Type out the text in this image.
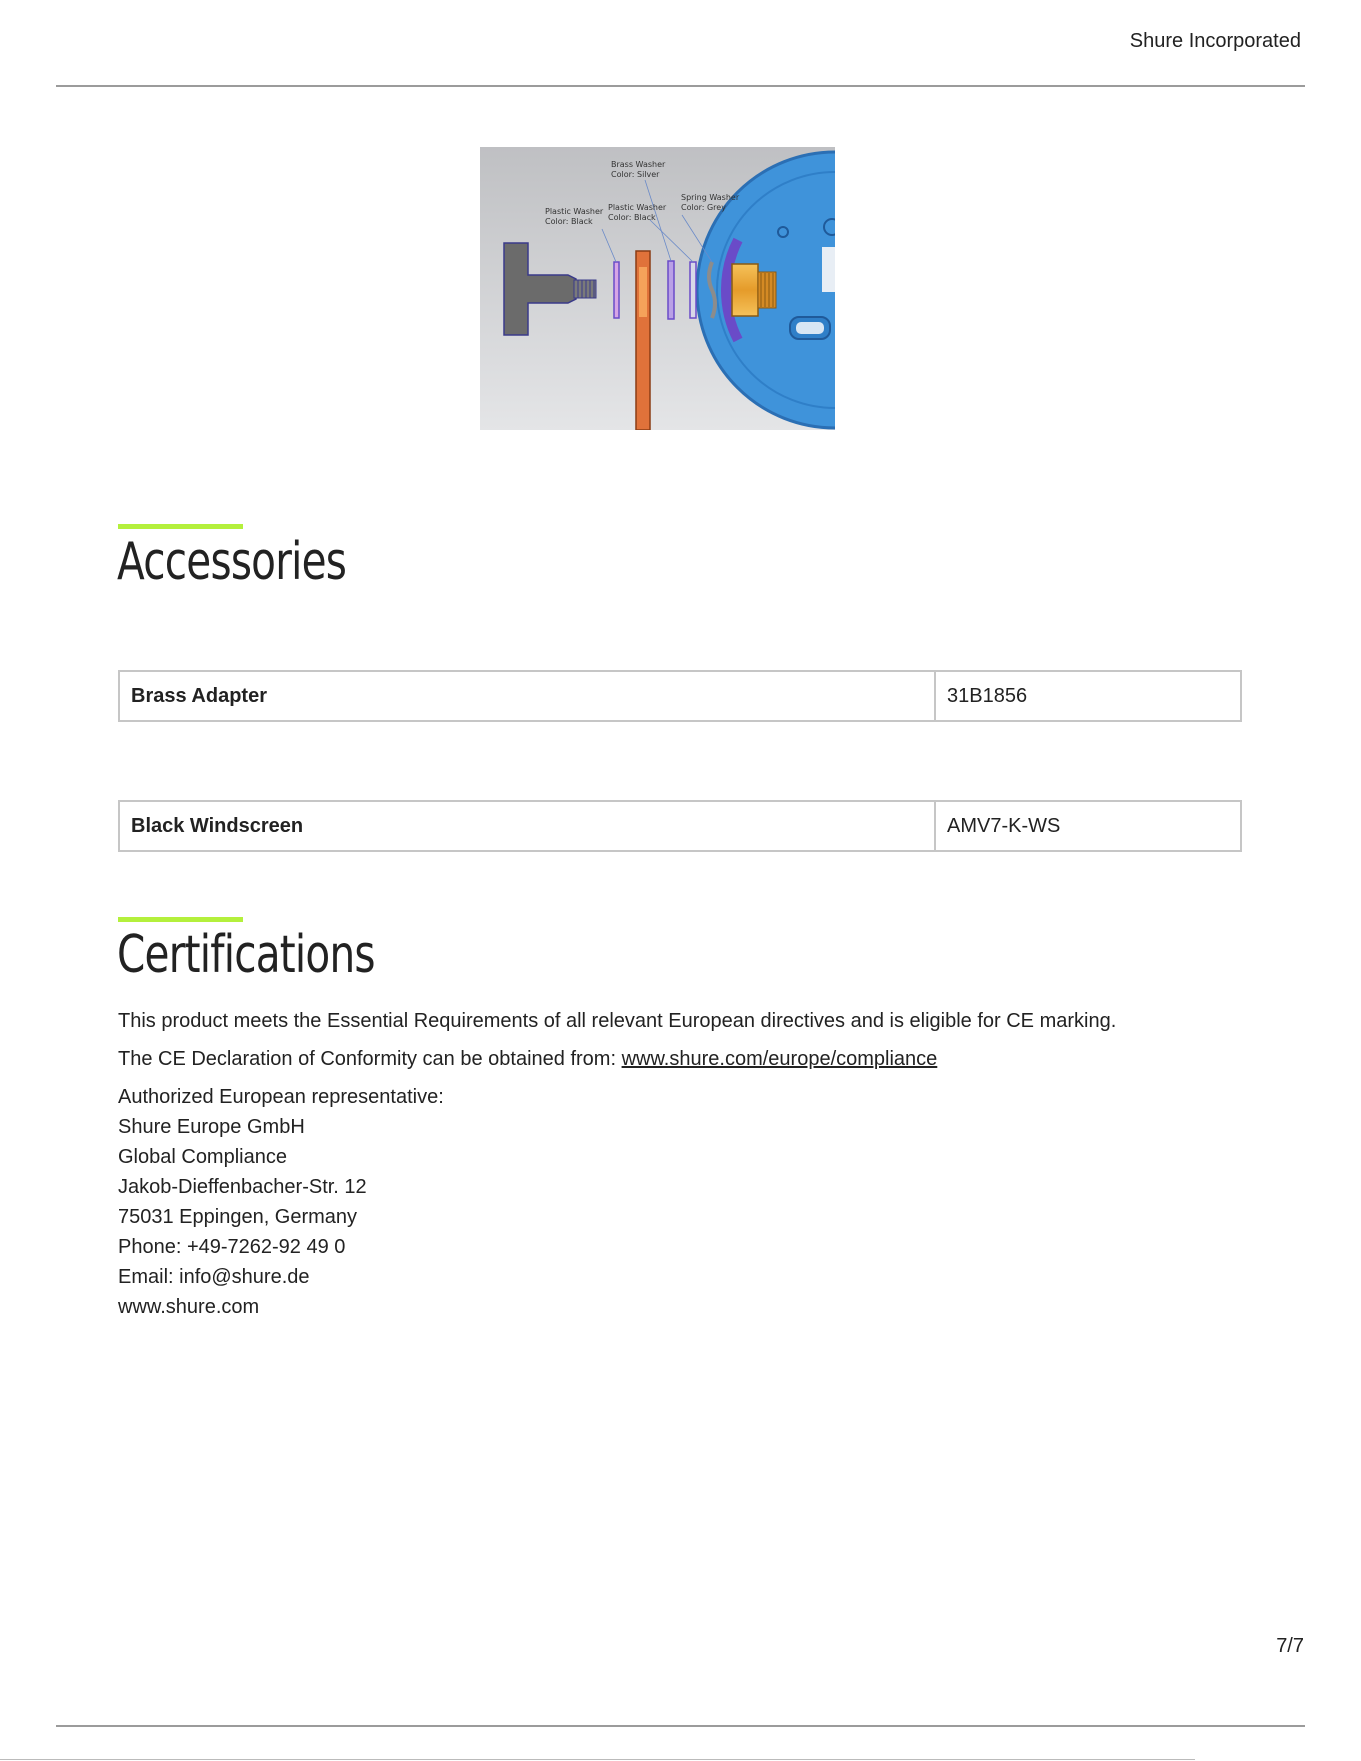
Shure Incorporated
Brass Washer
Color: Silver
Plastic Washer
Color: Black
Plastic Washer
Color: Black
Spring Washer
Color: Grey
Accessories
Brass Adapter	31B1856
Black Windscreen	AMV7-K-WS
Certifications
This product meets the Essential Requirements of all relevant European directives and is eligible for CE marking.
The CE Declaration of Conformity can be obtained from: www.shure.com/europe/compliance
Authorized European representative:
Shure Europe GmbH
Global Compliance
Jakob-Dieffenbacher-Str. 12
75031 Eppingen, Germany
Phone: +49-7262-92 49 0
Email: info@shure.de
www.shure.com
7/7
